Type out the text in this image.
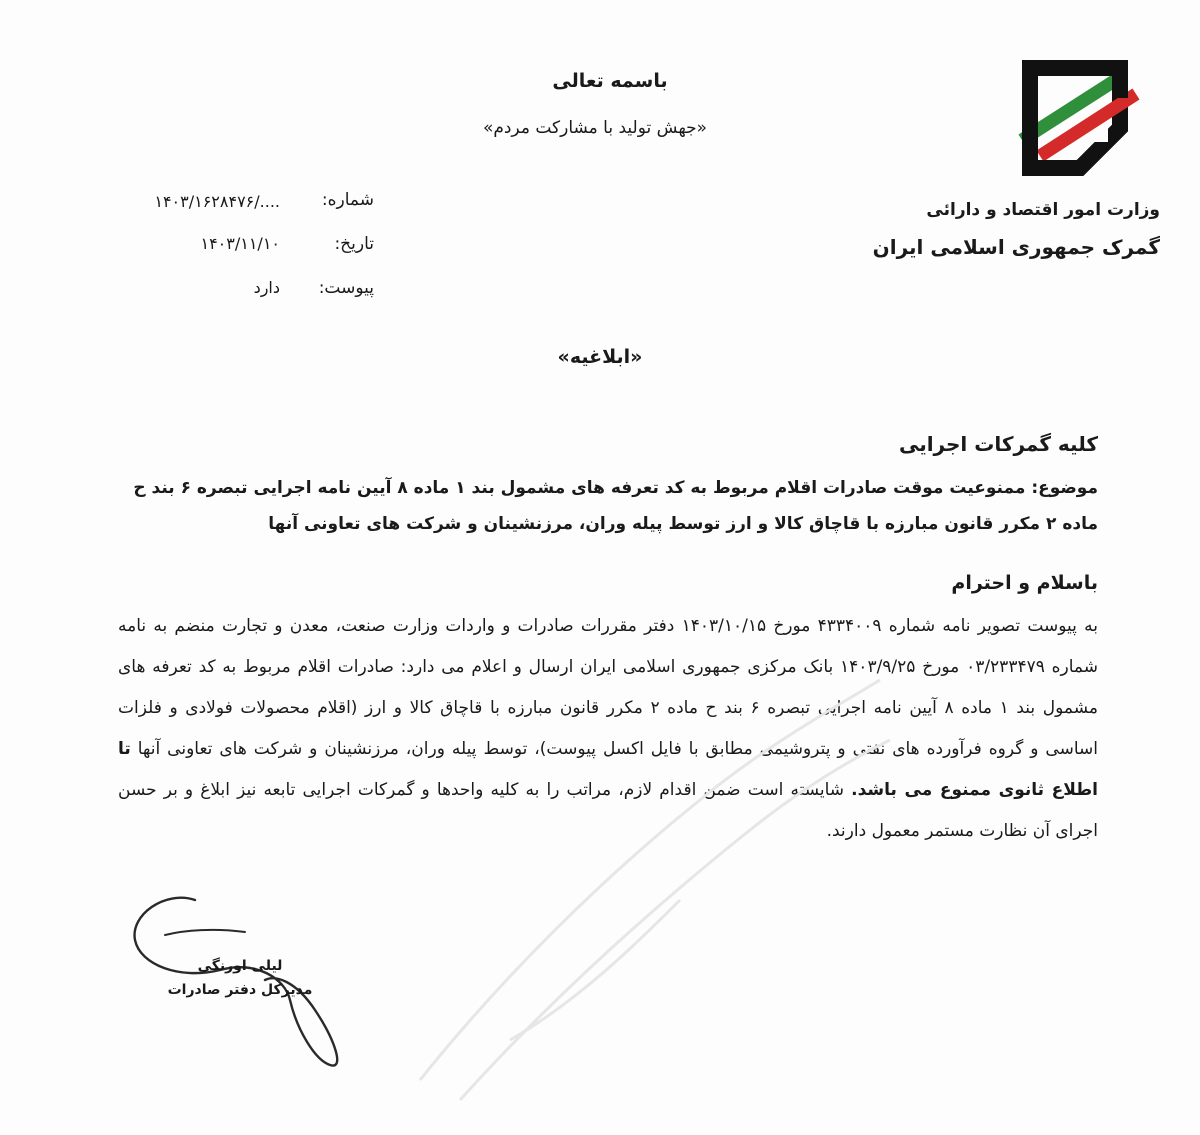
وزارت امور اقتصاد و دارائی
گمرک جمهوری اسلامی ایران
باسمه تعالی
«جهش تولید با مشارکت مردم»
شماره:
۱۴۰۳/۱۶۲۸۴۷۶/....
تاریخ:
۱۴۰۳/۱۱/۱۰
پیوست:
دارد
«ابلاغیه»
کلیه گمرکات اجرایی
موضوع: ممنوعیت موقت صادرات اقلام مربوط به کد تعرفه های مشمول بند ۱ ماده ۸ آیین نامه اجرایی تبصره ۶ بند ح ماده ۲ مکرر قانون مبارزه با قاچاق کالا و ارز توسط پیله وران، مرزنشینان و شرکت های تعاونی آنها
باسلام و احترام
به پیوست تصویر نامه شماره ۴۳۳۴۰۰۹ مورخ ۱۴۰۳/۱۰/۱۵ دفتر مقررات صادرات و واردات وزارت صنعت، معدن و تجارت منضم به نامه شماره ۰۳/۲۳۳۴۷۹ مورخ ۱۴۰۳/۹/۲۵ بانک مرکزی جمهوری اسلامی ایران ارسال و اعلام می دارد: صادرات اقلام مربوط به کد تعرفه های مشمول بند ۱ ماده ۸ آیین نامه اجرایی تبصره ۶ بند ح ماده ۲ مکرر قانون مبارزه با قاچاق کالا و ارز (اقلام محصولات فولادی و فلزات اساسی و گروه فرآورده های نفتی و پتروشیمی مطابق با فایل اکسل پیوست)، توسط پیله وران، مرزنشینان و شرکت های تعاونی آنها تا اطلاع ثانوی ممنوع می باشد. شایسته است ضمن اقدام لازم، مراتب را به کلیه واحدها و گمرکات اجرایی تابعه نیز ابلاغ و بر حسن اجرای آن نظارت مستمر معمول دارند.
لیلی اورنگی
مدیرکل دفتر صادرات
